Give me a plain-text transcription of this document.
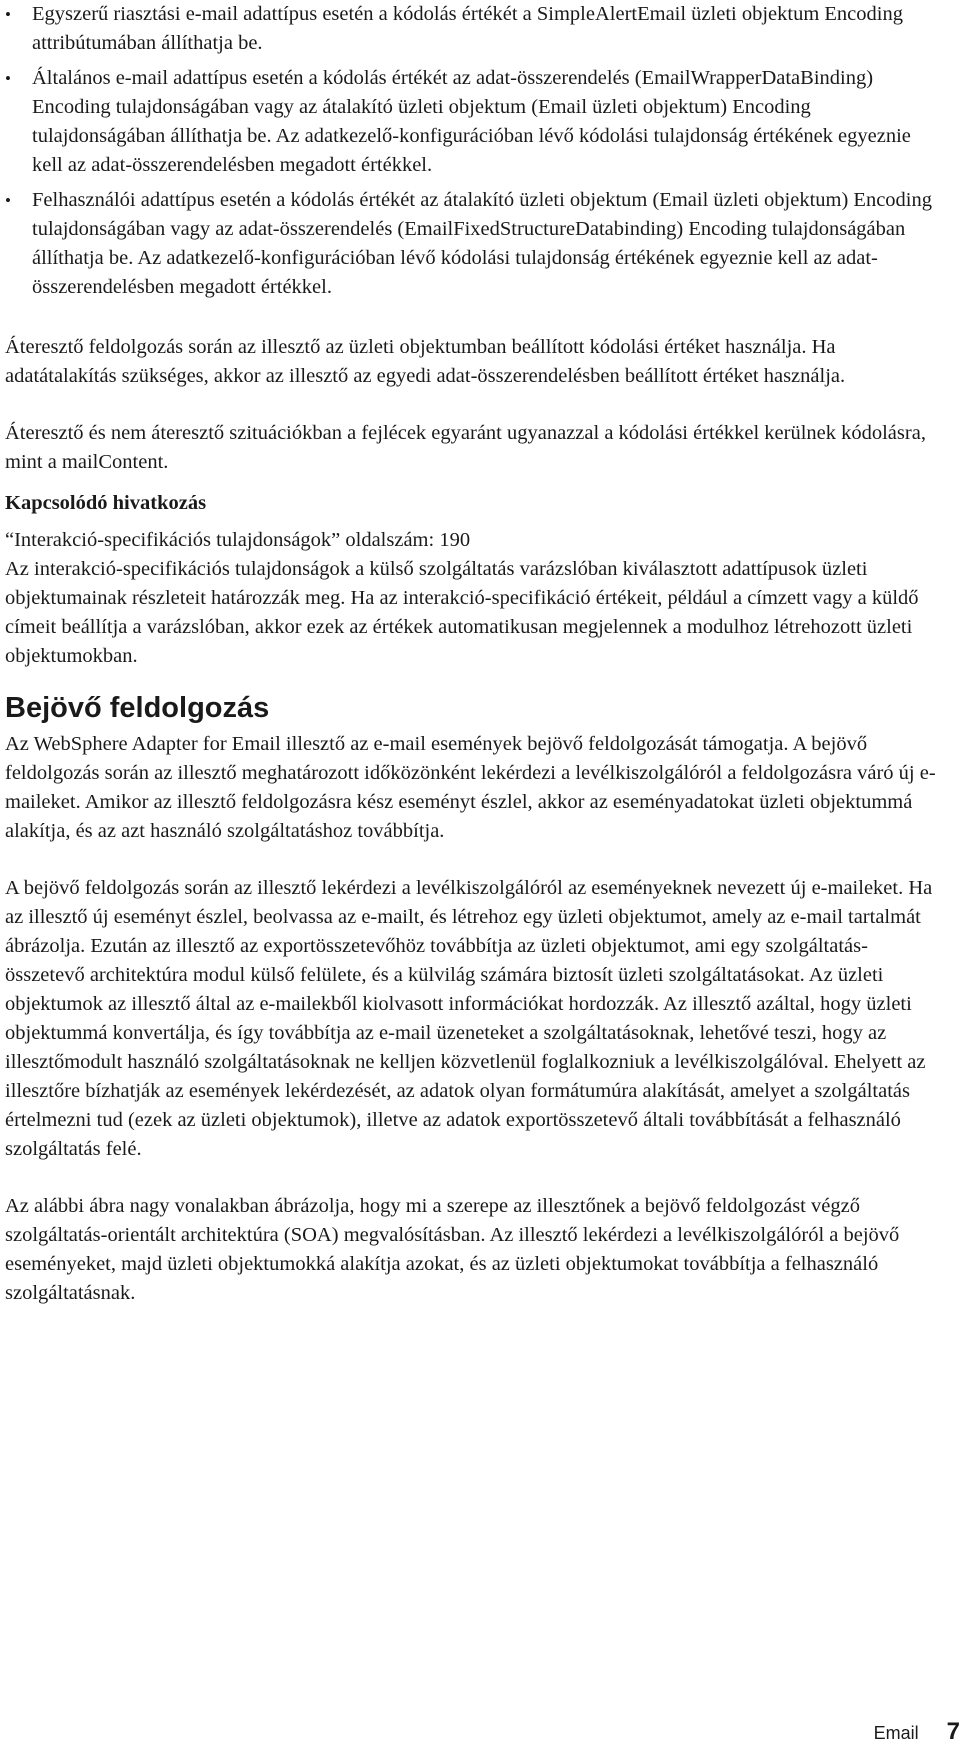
• Egyszerű riasztási e-mail adattípus esetén a kódolás értékét a SimpleAlertEmail üzleti objektum Encoding attribútumában állíthatja be.
• Általános e-mail adattípus esetén a kódolás értékét az adat-összerendelés (EmailWrapperDataBinding) Encoding tulajdonságában vagy az átalakító üzleti objektum (Email üzleti objektum) Encoding tulajdonságában állíthatja be. Az adatkezelő-konfigurációban lévő kódolási tulajdonság értékének egyeznie kell az adat-összerendelésben megadott értékkel.
• Felhasználói adattípus esetén a kódolás értékét az átalakító üzleti objektum (Email üzleti objektum) Encoding tulajdonságában vagy az adat-összerendelés (EmailFixedStructureDatabinding) Encoding tulajdonságában állíthatja be. Az adatkezelő-konfigurációban lévő kódolási tulajdonság értékének egyeznie kell az adat-összerendelésben megadott értékkel.

Áteresztő feldolgozás során az illesztő az üzleti objektumban beállított kódolási értéket használja. Ha adatátalakítás szükséges, akkor az illesztő az egyedi adat-összerendelésben beállított értéket használja.

Áteresztő és nem áteresztő szituációkban a fejlécek egyaránt ugyanazzal a kódolási értékkel kerülnek kódolásra, mint a mailContent.

Kapcsolódó hivatkozás

“Interakció-specifikációs tulajdonságok” oldalszám: 190

Az interakció-specifikációs tulajdonságok a külső szolgáltatás varázslóban kiválasztott adattípusok üzleti objektumainak részleteit határozzák meg. Ha az interakció-specifikáció értékeit, például a címzett vagy a küldő címeit beállítja a varázslóban, akkor ezek az értékek automatikusan megjelennek a modulhoz létrehozott üzleti objektumokban.

Bejövő feldolgozás

Az WebSphere Adapter for Email illesztő az e-mail események bejövő feldolgozását támogatja. A bejövő feldolgozás során az illesztő meghatározott időközönként lekérdezi a levélkiszolgálóról a feldolgozásra váró új e-maileket. Amikor az illesztő feldolgozásra kész eseményt észlel, akkor az eseményadatokat üzleti objektummá alakítja, és az azt használó szolgáltatáshoz továbbítja.

A bejövő feldolgozás során az illesztő lekérdezi a levélkiszolgálóról az eseményeknek nevezett új e-maileket. Ha az illesztő új eseményt észlel, beolvassa az e-mailt, és létrehoz egy üzleti objektumot, amely az e-mail tartalmát ábrázolja. Ezután az illesztő az exportösszetevőhöz továbbítja az üzleti objektumot, ami egy szolgáltatás-összetevő architektúra modul külső felülete, és a külvilág számára biztosít üzleti szolgáltatásokat. Az üzleti objektumok az illesztő által az e-mailekből kiolvasott információkat hordozzák. Az illesztő azáltal, hogy üzleti objektummá konvertálja, és így továbbítja az e-mail üzeneteket a szolgáltatásoknak, lehetővé teszi, hogy az illesztőmodult használó szolgáltatásoknak ne kelljen közvetlenül foglalkozniuk a levélkiszolgálóval. Ehelyett az illesztőre bízhatják az események lekérdezését, az adatok olyan formátumúra alakítását, amelyet a szolgáltatás értelmezni tud (ezek az üzleti objektumok), illetve az adatok exportösszetevő általi továbbítását a felhasználó szolgáltatás felé.

Az alábbi ábra nagy vonalakban ábrázolja, hogy mi a szerepe az illesztőnek a bejövő feldolgozást végző szolgáltatás-orientált architektúra (SOA) megvalósításban. Az illesztő lekérdezi a levélkiszolgálóról a bejövő eseményeket, majd üzleti objektumokká alakítja azokat, és az üzleti objektumokat továbbítja a felhasználó szolgáltatásnak.

Email 7
